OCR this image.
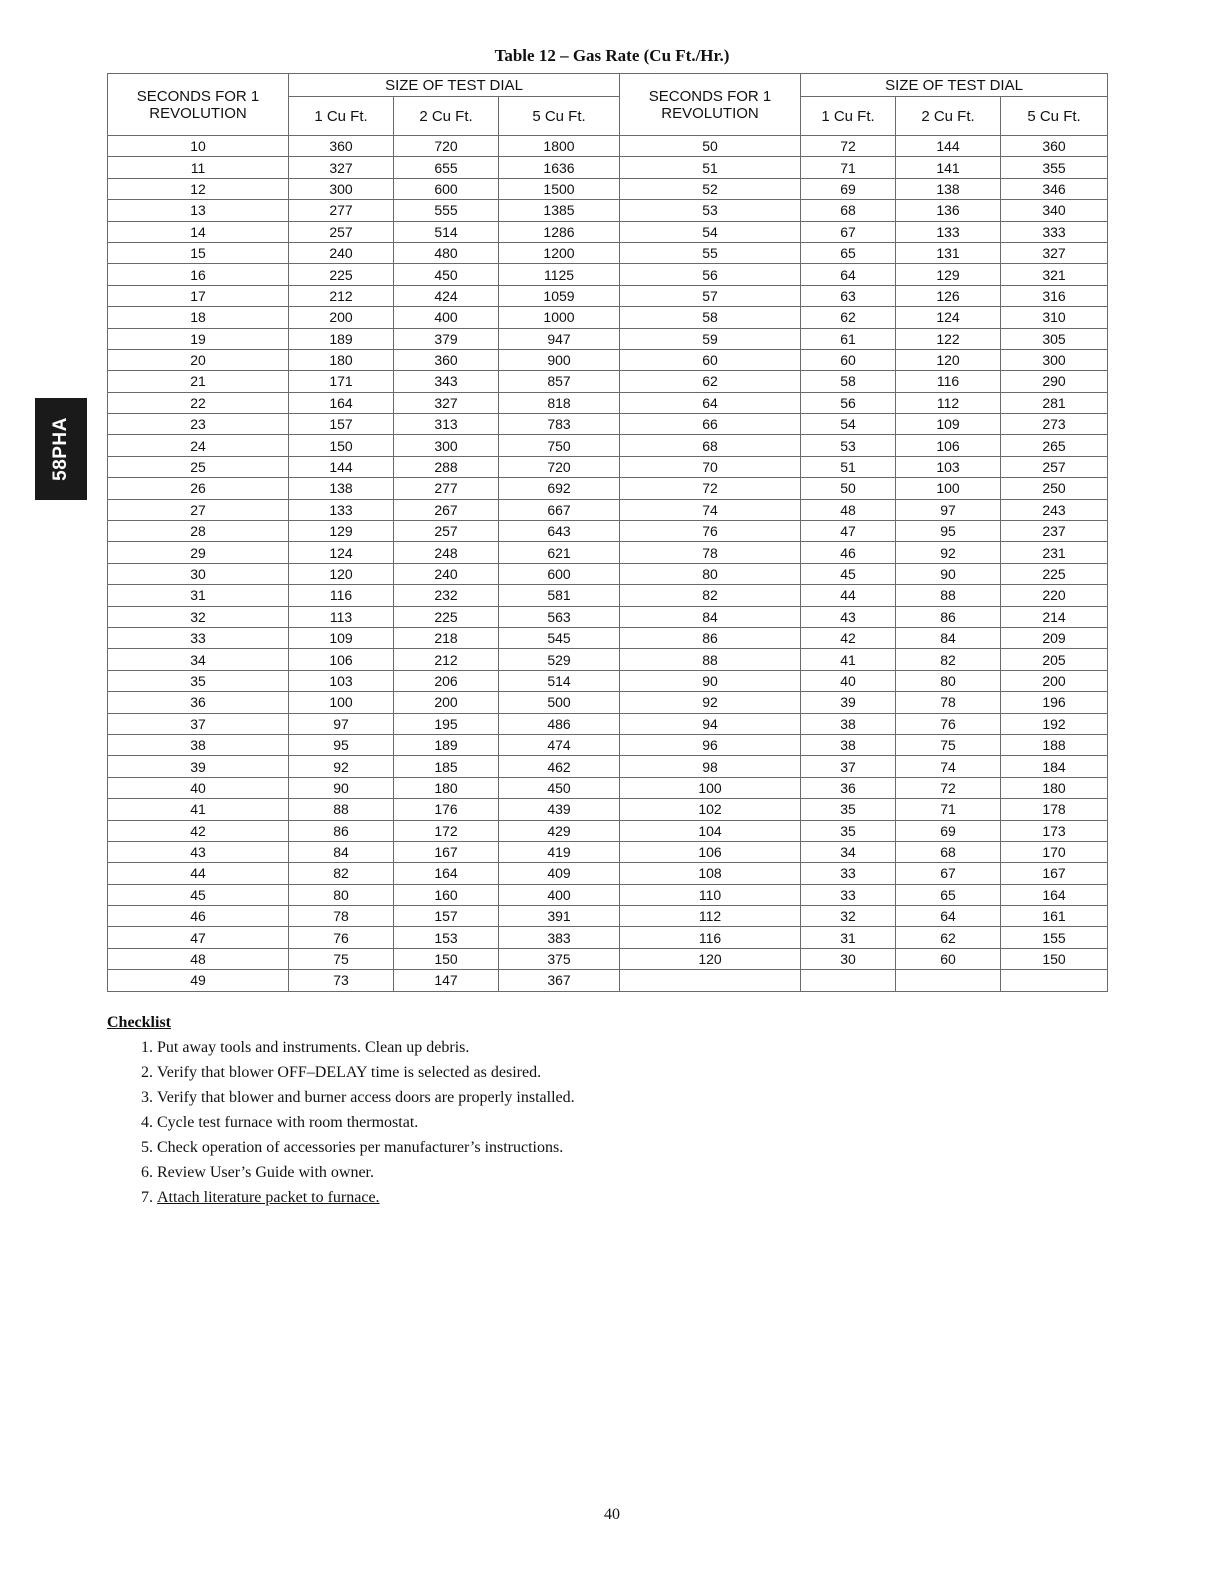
58PHA
Table 12 – Gas Rate (Cu Ft./Hr.)
SECONDS FOR 1 REVOLUTION	SIZE OF TEST DIAL			SECONDS FOR 1 REVOLUTION	SIZE OF TEST DIAL		
	1 Cu Ft.	2 Cu Ft.	5 Cu Ft.		1 Cu Ft.	2 Cu Ft.	5 Cu Ft.
10	360	720	1800	50	72	144	360
11	327	655	1636	51	71	141	355
12	300	600	1500	52	69	138	346
13	277	555	1385	53	68	136	340
14	257	514	1286	54	67	133	333
15	240	480	1200	55	65	131	327
16	225	450	1125	56	64	129	321
17	212	424	1059	57	63	126	316
18	200	400	1000	58	62	124	310
19	189	379	947	59	61	122	305
20	180	360	900	60	60	120	300
21	171	343	857	62	58	116	290
22	164	327	818	64	56	112	281
23	157	313	783	66	54	109	273
24	150	300	750	68	53	106	265
25	144	288	720	70	51	103	257
26	138	277	692	72	50	100	250
27	133	267	667	74	48	97	243
28	129	257	643	76	47	95	237
29	124	248	621	78	46	92	231
30	120	240	600	80	45	90	225
31	116	232	581	82	44	88	220
32	113	225	563	84	43	86	214
33	109	218	545	86	42	84	209
34	106	212	529	88	41	82	205
35	103	206	514	90	40	80	200
36	100	200	500	92	39	78	196
37	97	195	486	94	38	76	192
38	95	189	474	96	38	75	188
39	92	185	462	98	37	74	184
40	90	180	450	100	36	72	180
41	88	176	439	102	35	71	178
42	86	172	429	104	35	69	173
43	84	167	419	106	34	68	170
44	82	164	409	108	33	67	167
45	80	160	400	110	33	65	164
46	78	157	391	112	32	64	161
47	76	153	383	116	31	62	155
48	75	150	375	120	30	60	150
49	73	147	367				
Checklist
1. Put away tools and instruments. Clean up debris.
2. Verify that blower OFF–DELAY time is selected as desired.
3. Verify that blower and burner access doors are properly installed.
4. Cycle test furnace with room thermostat.
5. Check operation of accessories per manufacturer’s instructions.
6. Review User’s Guide with owner.
7. Attach literature packet to furnace.
40
